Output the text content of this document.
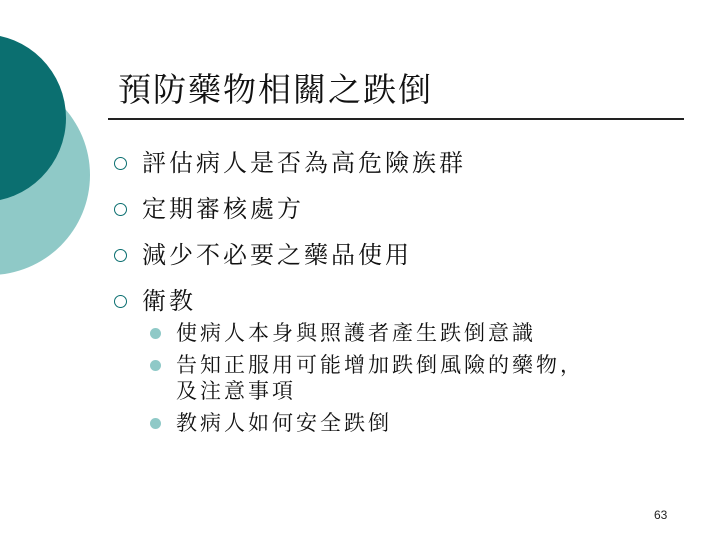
預防藥物相關之跌倒
評估病人是否為高危險族群
定期審核處方
減少不必要之藥品使用
衛教
使病人本身與照護者產生跌倒意識
告知正服用可能增加跌倒風險的藥物，
及注意事項
教病人如何安全跌倒
63
